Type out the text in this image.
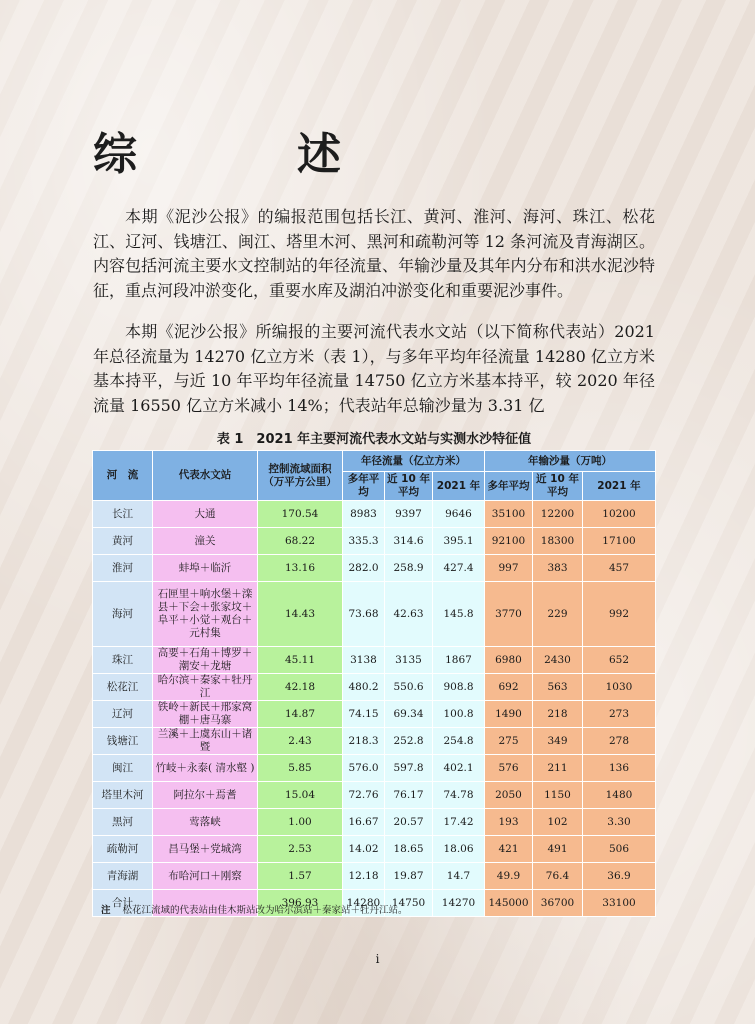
综　述

本期《泥沙公报》的编报范围包括长江、黄河、淮河、海河、珠江、松花江、辽河、钱塘江、闽江、塔里木河、黑河和疏勒河等 12 条河流及青海湖区。内容包括河流主要水文控制站的年径流量、年输沙量及其年内分布和洪水泥沙特征，重点河段冲淤变化，重要水库及湖泊冲淤变化和重要泥沙事件。

本期《泥沙公报》所编报的主要河流代表水文站（以下简称代表站）2021 年总径流量为 14270 亿立方米（表 1），与多年平均年径流量 14280 亿立方米基本持平，与近 10 年平均年径流量 14750 亿立方米基本持平，较 2020 年径流量 16550 亿立方米减小 14%；代表站年总输沙量为 3.31 亿

表 1　2021 年主要河流代表水文站与实测水沙特征值
河　流	代表水文站	控制流域面积（万平方公里）	年径流量（亿立方米）			年输沙量（万吨）		
			多年平均	近 10 年平均	2021 年	多年平均	近 10 年平均	2021 年
长江	大通	170.54	8983	9397	9646	35100	12200	10200
黄河	潼关	68.22	335.3	314.6	395.1	92100	18300	17100
淮河	蚌埠＋临沂	13.16	282.0	258.9	427.4	997	383	457
海河	石匣里＋响水堡＋滦县＋下会＋张家坟＋阜平＋小觉＋观台＋元村集	14.43	73.68	42.63	145.8	3770	229	992
珠江	高要＋石角＋博罗＋潮安＋龙塘	45.11	3138	3135	1867	6980	2430	652
松花江	哈尔滨＋秦家＋牡丹江	42.18	480.2	550.6	908.8	692	563	1030
辽河	铁岭＋新民＋邢家窝棚＋唐马寨	14.87	74.15	69.34	100.8	1490	218	273
钱塘江	兰溪＋上虞东山＋诸暨	2.43	218.3	252.8	254.8	275	349	278
闽江	竹岐＋永泰( 清水壑 )	5.85	576.0	597.8	402.1	576	211	136
塔里木河	阿拉尔＋焉耆	15.04	72.76	76.17	74.78	2050	1150	1480
黑河	莺落峡	1.00	16.67	20.57	17.42	193	102	3.30
疏勒河	昌马堡＋党城湾	2.53	14.02	18.65	18.06	421	491	506
青海湖	布哈河口＋刚察	1.57	12.18	19.87	14.7	49.9	76.4	36.9
合计		396.93	14280	14750	14270	145000	36700	33100
注 松花江流域的代表站由佳木斯站改为哈尔滨站＋秦家站＋牡丹江站。
i
